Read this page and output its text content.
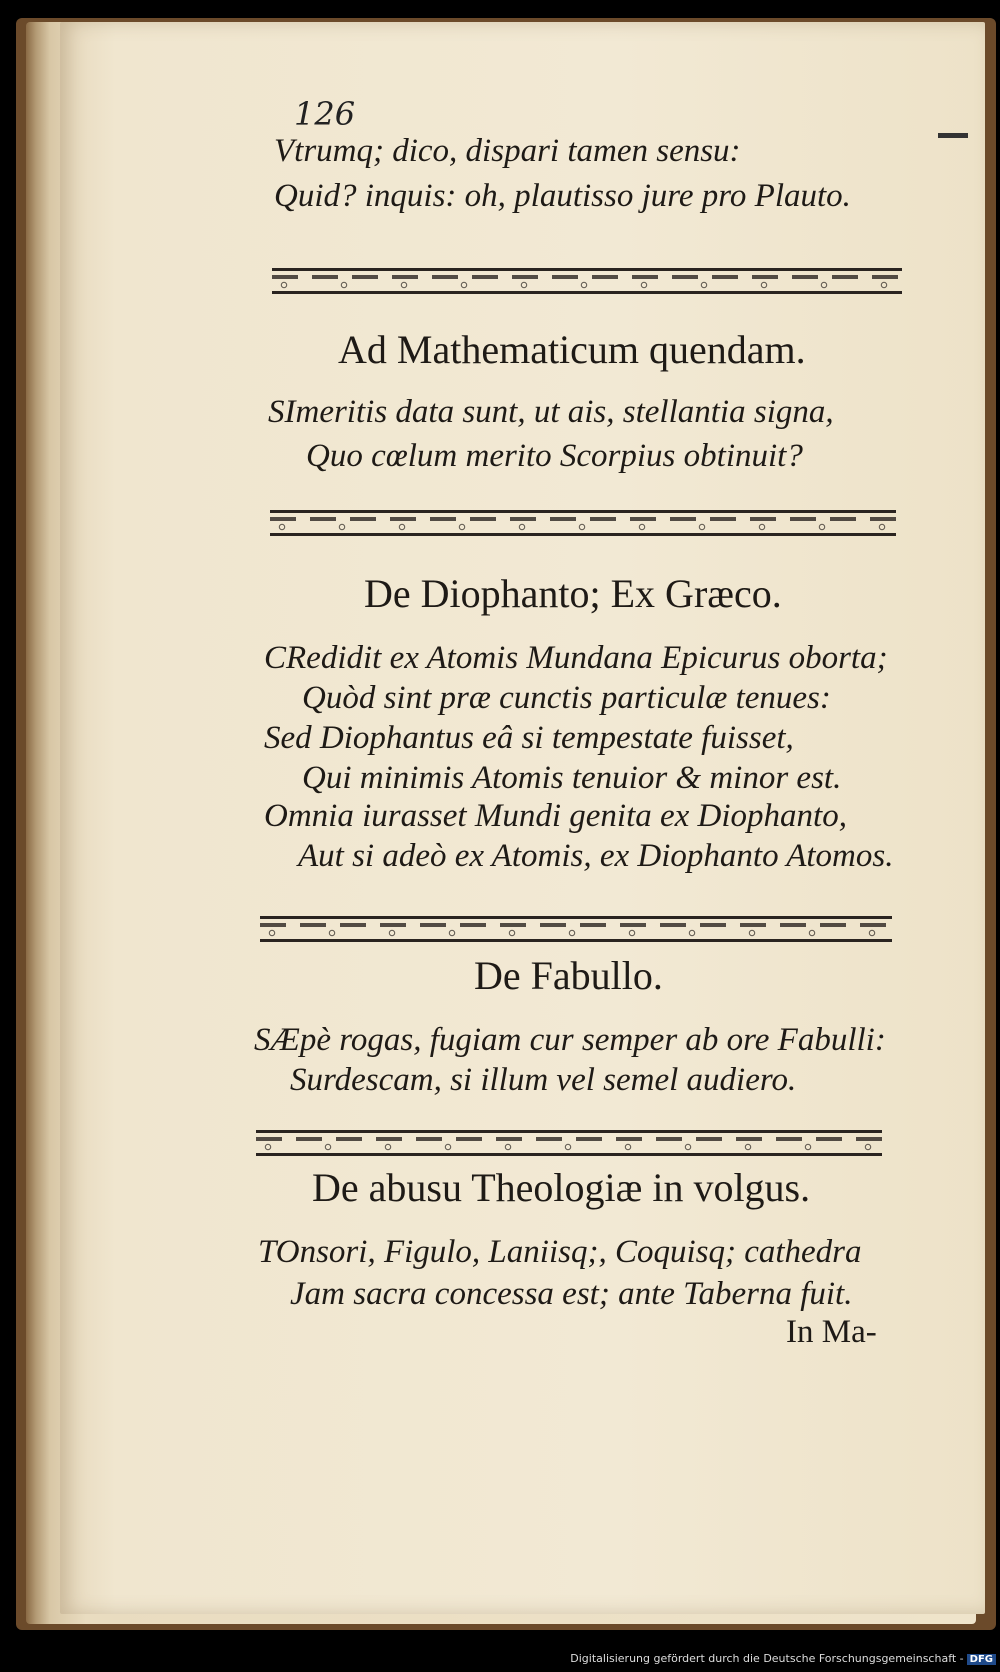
126
Vtrumq; dico, dispari tamen sensu:
Quid? inquis: oh, plautisso jure pro Plauto.
Ad Mathematicum quendam.
SImeritis data sunt, ut ais, stellantia signa,
Quo cœlum merito Scorpius obtinuit?
De Diophanto; Ex Græco.
CRedidit ex Atomis Mundana Epicurus oborta;
Quòd sint præ cunctis particulæ tenues:
Sed Diophantus eâ si tempestate fuisset,
Qui minimis Atomis tenuior & minor est.
Omnia iurasset Mundi genita ex Diophanto,
Aut si adeò ex Atomis, ex Diophanto Atomos.
De Fabullo.
SÆpè rogas, fugiam cur semper ab ore Fabulli:
Surdescam, si illum vel semel audiero.
De abusu Theologiæ in volgus.
TOnsori, Figulo, Laniisq;, Coquisq; cathedra
Jam sacra concessa est; ante Taberna fuit.
In Ma-
Digitalisierung gefördert durch die Deutsche Forschungsgemeinschaft - DFG
